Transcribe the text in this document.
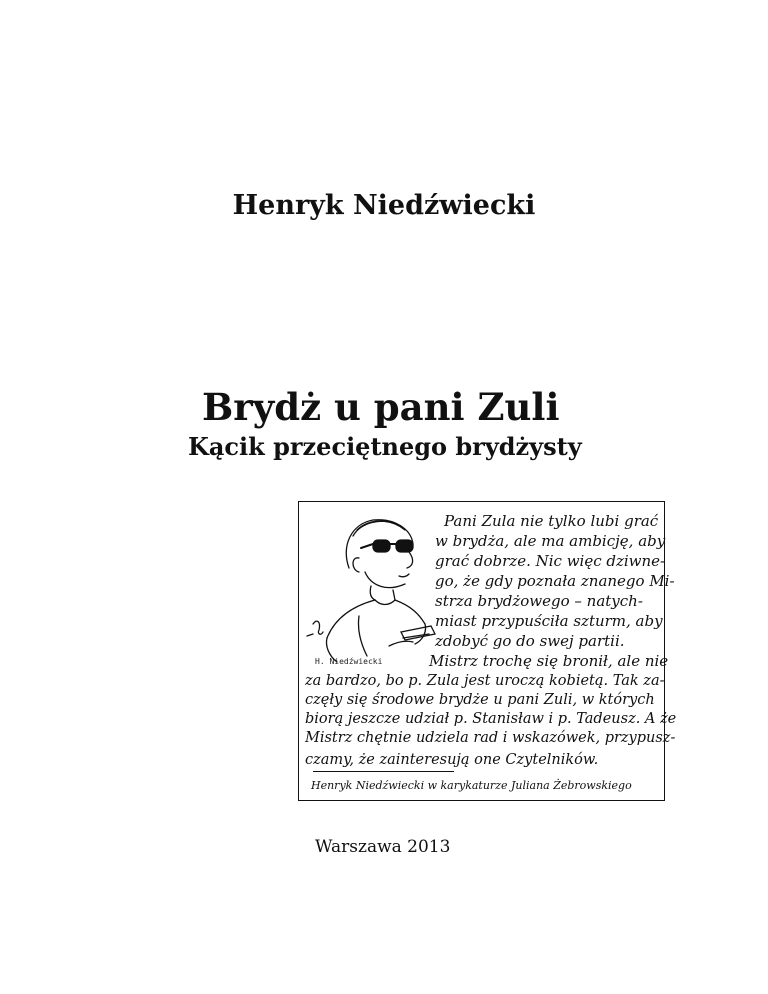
Henryk Niedźwiecki
Brydż u pani Zuli
Kącik przeciętnego brydżysty
H. Niedźwiecki
Pani Zula nie tylko lubi grać
w brydża, ale ma ambicję, aby
grać dobrze. Nic więc dziwne-
go, że gdy poznała znanego Mi-
strza brydżowego – natych-
miast przypuściła szturm, aby
zdobyć go do swej partii.
Mistrz trochę się bronił, ale nie
za bardzo, bo p. Zula jest uroczą kobietą. Tak za-
częły się środowe brydże u pani Zuli, w których
biorą jeszcze udział p. Stanisław i p. Tadeusz. A że
Mistrz chętnie udziela rad i wskazówek, przypusz-
Henryk Niedźwiecki w karykaturze Juliana Żebrowskiego
czamy, że zainteresują one Czytelników.
Warszawa 2013
